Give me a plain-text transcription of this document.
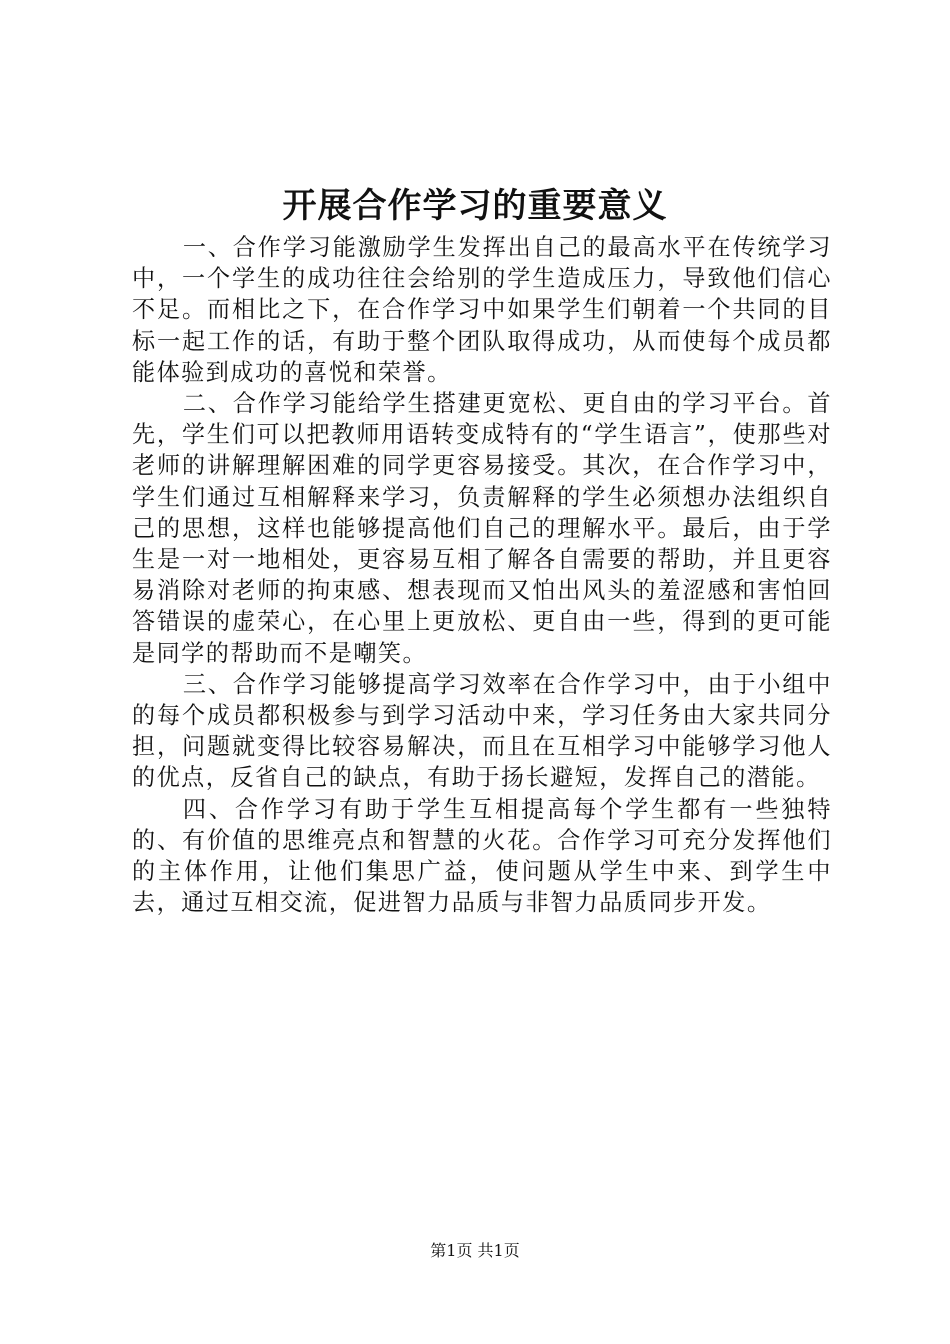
开展合作学习的重要意义

一、合作学习能激励学生发挥出自己的最高水平在传统学习中，一个学生的成功往往会给别的学生造成压力，导致他们信心不足。而相比之下，在合作学习中如果学生们朝着一个共同的目标一起工作的话，有助于整个团队取得成功，从而使每个成员都能体验到成功的喜悦和荣誉。

二、合作学习能给学生搭建更宽松、更自由的学习平台。首先，学生们可以把教师用语转变成特有的“学生语言”，使那些对老师的讲解理解困难的同学更容易接受。其次，在合作学习中，学生们通过互相解释来学习，负责解释的学生必须想办法组织自己的思想，这样也能够提高他们自己的理解水平。最后，由于学生是一对一地相处，更容易互相了解各自需要的帮助，并且更容易消除对老师的拘束感、想表现而又怕出风头的羞涩感和害怕回答错误的虚荣心，在心里上更放松、更自由一些，得到的更可能是同学的帮助而不是嘲笑。

三、合作学习能够提高学习效率在合作学习中，由于小组中的每个成员都积极参与到学习活动中来，学习任务由大家共同分担，问题就变得比较容易解决，而且在互相学习中能够学习他人的优点，反省自己的缺点，有助于扬长避短，发挥自己的潜能。

四、合作学习有助于学生互相提高每个学生都有一些独特的、有价值的思维亮点和智慧的火花。合作学习可充分发挥他们的主体作用，让他们集思广益，使问题从学生中来、到学生中去，通过互相交流，促进智力品质与非智力品质同步开发。

第1页 共1页
